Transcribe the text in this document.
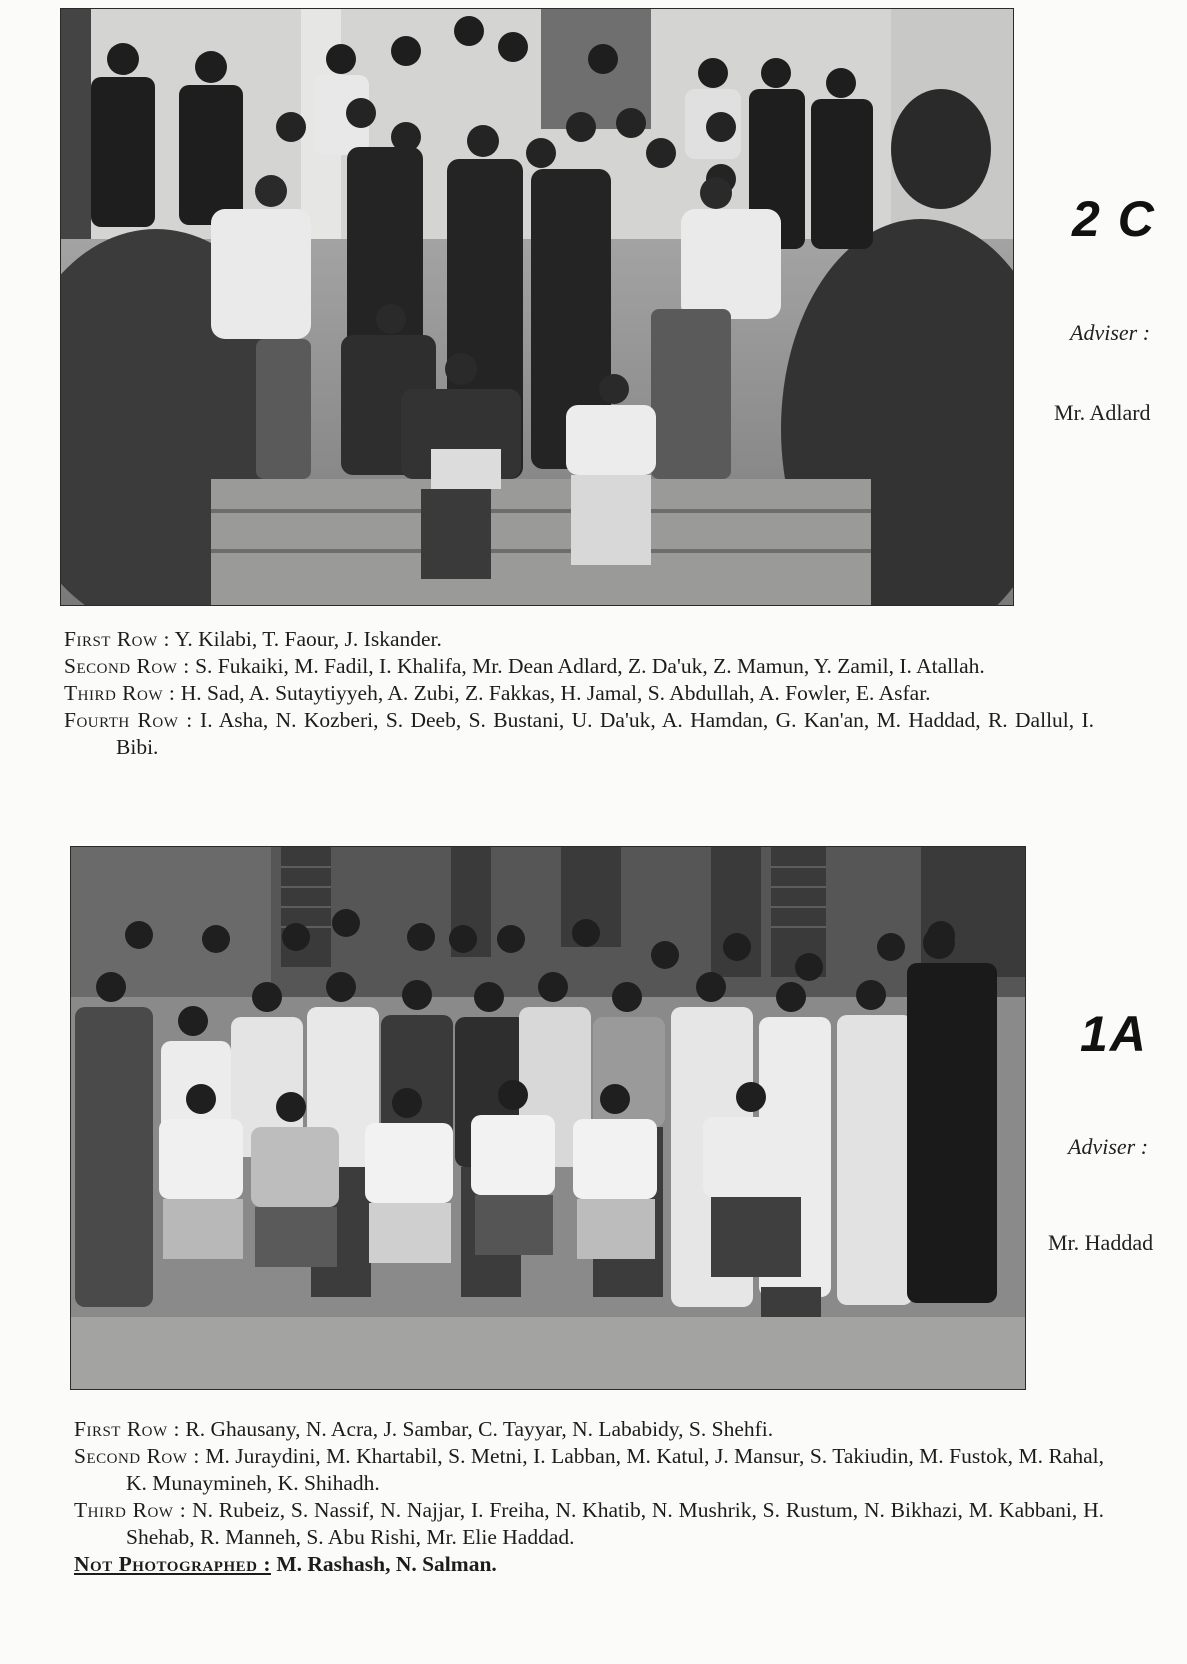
2 C
Adviser :
Mr. Adlard
First Row : Y. Kilabi, T. Faour, J. Iskander.
Second Row : S. Fukaiki, M. Fadil, I. Khalifa, Mr. Dean Adlard, Z. Da'uk, Z. Mamun, Y. Zamil, I. Atallah.
Third Row : H. Sad, A. Sutaytiyyeh, A. Zubi, Z. Fakkas, H. Jamal, S. Abdullah, A. Fowler, E. Asfar.
Fourth Row : I. Asha, N. Kozberi, S. Deeb, S. Bustani, U. Da'uk, A. Hamdan, G. Kan'an, M. Haddad, R. Dallul, I. Bibi.
1A
Adviser :
Mr. Haddad
First Row : R. Ghausany, N. Acra, J. Sambar, C. Tayyar, N. Lababidy, S. Shehfi.
Second Row : M. Juraydini, M. Khartabil, S. Metni, I. Labban, M. Katul, J. Mansur, S. Takiudin, M. Fustok, M. Rahal, K. Munaymineh, K. Shihadh.
Third Row : N. Rubeiz, S. Nassif, N. Najjar, I. Freiha, N. Khatib, N. Mushrik, S. Rustum, N. Bikhazi, M. Kabbani, H. Shehab, R. Manneh, S. Abu Rishi, Mr. Elie Haddad.
Not Photographed : M. Rashash, N. Salman.
